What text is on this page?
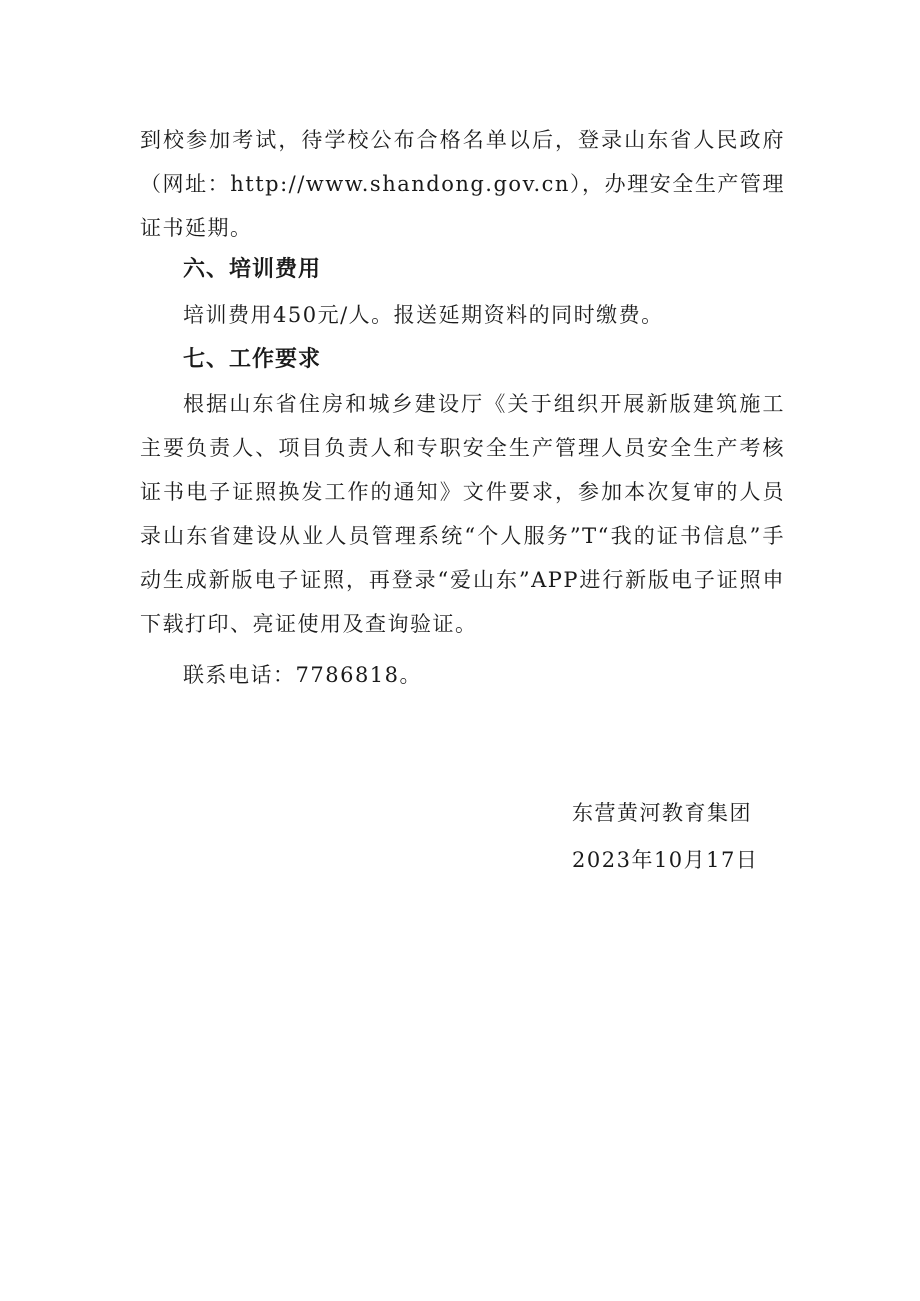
到校参加考试，待学校公布合格名单以后，登录山东省人民政府
（网址：http://www.shandong.gov.cn），办理安全生产管理
证书延期。
六、培训费用
培训费用450元/人。报送延期资料的同时缴费。
七、工作要求
根据山东省住房和城乡建设厅《关于组织开展新版建筑施工
主要负责人、项目负责人和专职安全生产管理人员安全生产考核
证书电子证照换发工作的通知》文件要求，参加本次复审的人员
录山东省建设从业人员管理系统“个人服务”T“我的证书信息”手
动生成新版电子证照，再登录“爱山东”APP进行新版电子证照申
下载打印、亮证使用及查询验证。
联系电话：7786818。
东营黄河教育集团
2023年10月17日
